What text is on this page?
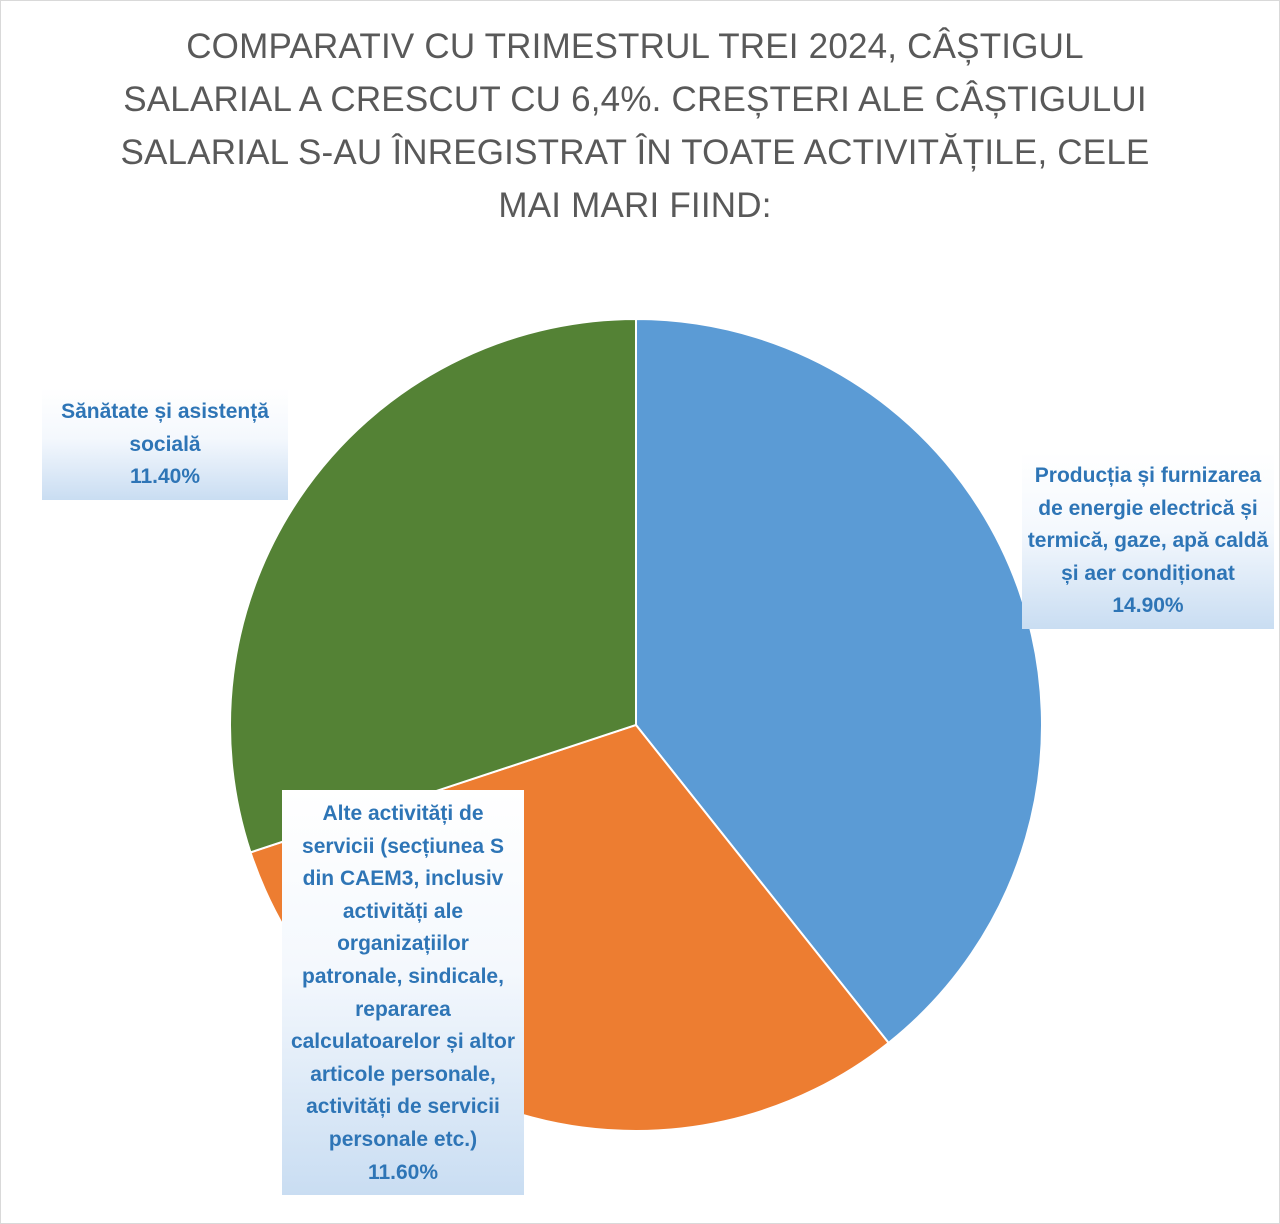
COMPARATIV CU TRIMESTRUL TREI 2024, CÂȘTIGUL SALARIAL A CRESCUT CU 6,4%. CREȘTERI ALE CÂȘTIGULUI SALARIAL S-AU ÎNREGISTRAT ÎN TOATE ACTIVITĂȚILE, CELE MAI MARI FIIND:
Producția și furnizarea de energie electrică și termică, gaze, apă caldă și aer condiționat
14.90%
Alte activități de servicii (secțiunea S din CAEM3, inclusiv activități ale organizațiilor patronale, sindicale, repararea calculatoarelor și altor articole personale, activități de servicii personale etc.)
11.60%
Sănătate și asistență socială
11.40%
